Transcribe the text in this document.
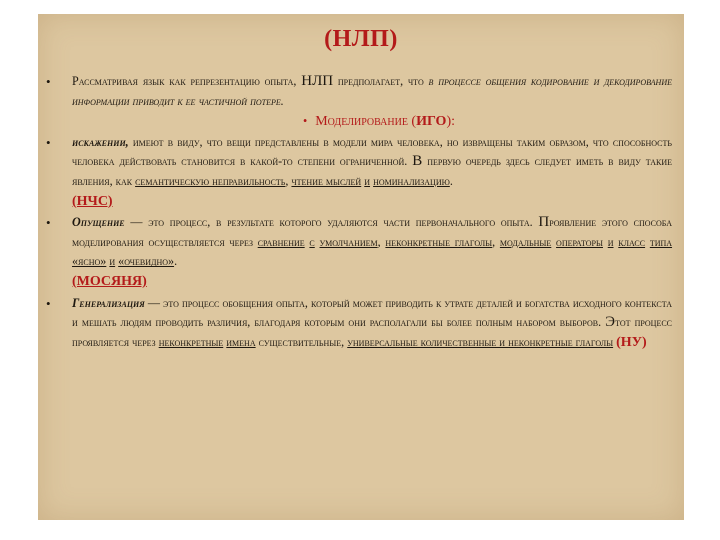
(НЛП)

• Рассматривая язык как репрезентацию опыта, НЛП предполагает, что в процессе общения кодирование и декодирование информации приводит к ее частичной потере.

• Моделирование (ИГО):

• искажении, имеют в виду, что вещи представлены в модели мира человека, но извращены таким образом, что способность человека действовать становится в какой-то степени ограниченной. В первую очередь здесь следует иметь в виду такие явления, как семантическую неправильность, чтение мыслей и номинализацию.
(НЧС)

• Опущение — это процесс, в результате которого удаляются части первоначального опыта. Проявление этого способа моделирования осуществляется через сравнение с умолчанием, неконкретные глаголы, модальные операторы и класс типа «ясно» и «очевидно».
(МОСЯНЯ)

• Генерализация — это процесс обобщения опыта, который может приводить к утрате деталей и богатства исходного контекста и мешать людям проводить различия, благодаря которым они располагали бы более полным набором выборов. Этот процесс проявляется через неконкретные имена существительные, универсальные количественные и неконкретные глаголы (НУ)
